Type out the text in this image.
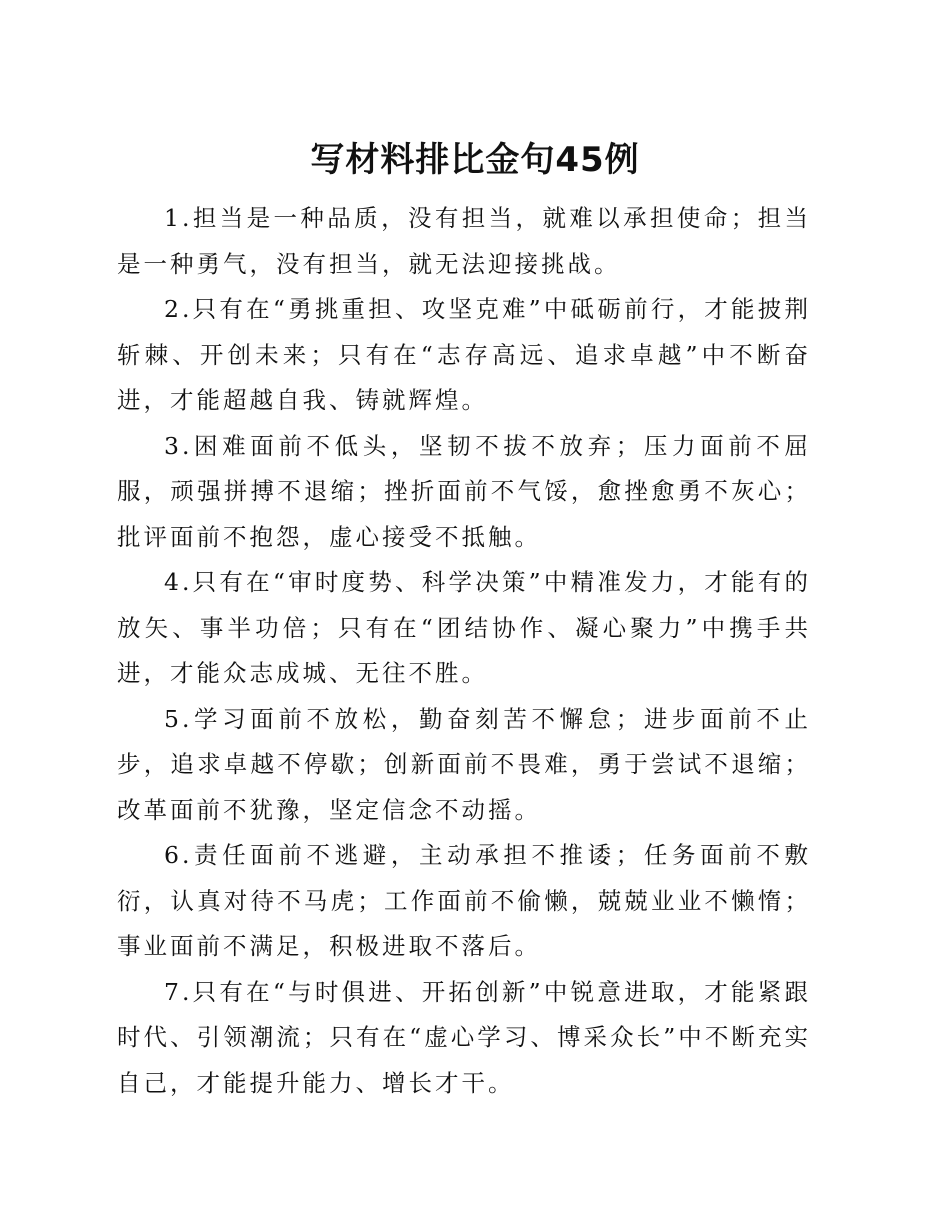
写材料排比金句45例

1.担当是一种品质，没有担当，就难以承担使命；担当是一种勇气，没有担当，就无法迎接挑战。

2.只有在“勇挑重担、攻坚克难”中砥砺前行，才能披荆斩棘、开创未来；只有在“志存高远、追求卓越”中不断奋进，才能超越自我、铸就辉煌。

3.困难面前不低头，坚韧不拔不放弃；压力面前不屈服，顽强拼搏不退缩；挫折面前不气馁，愈挫愈勇不灰心；批评面前不抱怨，虚心接受不抵触。

4.只有在“审时度势、科学决策”中精准发力，才能有的放矢、事半功倍；只有在“团结协作、凝心聚力”中携手共进，才能众志成城、无往不胜。

5.学习面前不放松，勤奋刻苦不懈怠；进步面前不止步，追求卓越不停歇；创新面前不畏难，勇于尝试不退缩；改革面前不犹豫，坚定信念不动摇。

6.责任面前不逃避，主动承担不推诿；任务面前不敷衍，认真对待不马虎；工作面前不偷懒，兢兢业业不懒惰；事业面前不满足，积极进取不落后。

7.只有在“与时俱进、开拓创新”中锐意进取，才能紧跟时代、引领潮流；只有在“虚心学习、博采众长”中不断充实自己，才能提升能力、增长才干。
